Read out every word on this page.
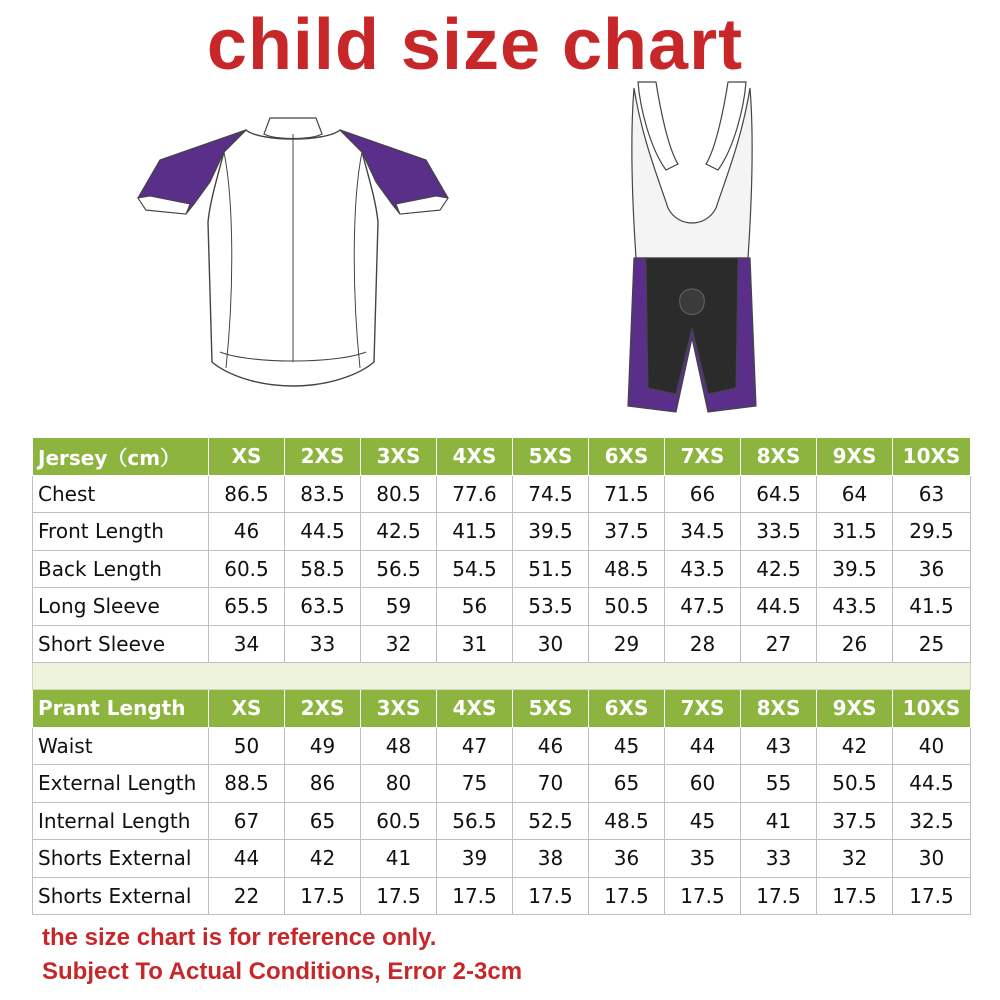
child size chart
Jersey（cm）	XS	2XS	3XS	4XS	5XS	6XS	7XS	8XS	9XS	10XS
Chest	86.5	83.5	80.5	77.6	74.5	71.5	66	64.5	64	63
Front Length	46	44.5	42.5	41.5	39.5	37.5	34.5	33.5	31.5	29.5
Back Length	60.5	58.5	56.5	54.5	51.5	48.5	43.5	42.5	39.5	36
Long Sleeve	65.5	63.5	59	56	53.5	50.5	47.5	44.5	43.5	41.5
Short Sleeve	34	33	32	31	30	29	28	27	26	25

Prant Length	XS	2XS	3XS	4XS	5XS	6XS	7XS	8XS	9XS	10XS
Waist	50	49	48	47	46	45	44	43	42	40
External Length	88.5	86	80	75	70	65	60	55	50.5	44.5
Internal Length	67	65	60.5	56.5	52.5	48.5	45	41	37.5	32.5
Shorts External	44	42	41	39	38	36	35	33	32	30
Shorts External	22	17.5	17.5	17.5	17.5	17.5	17.5	17.5	17.5	17.5
the size chart is for reference only.
Subject To Actual Conditions, Error 2-3cm
